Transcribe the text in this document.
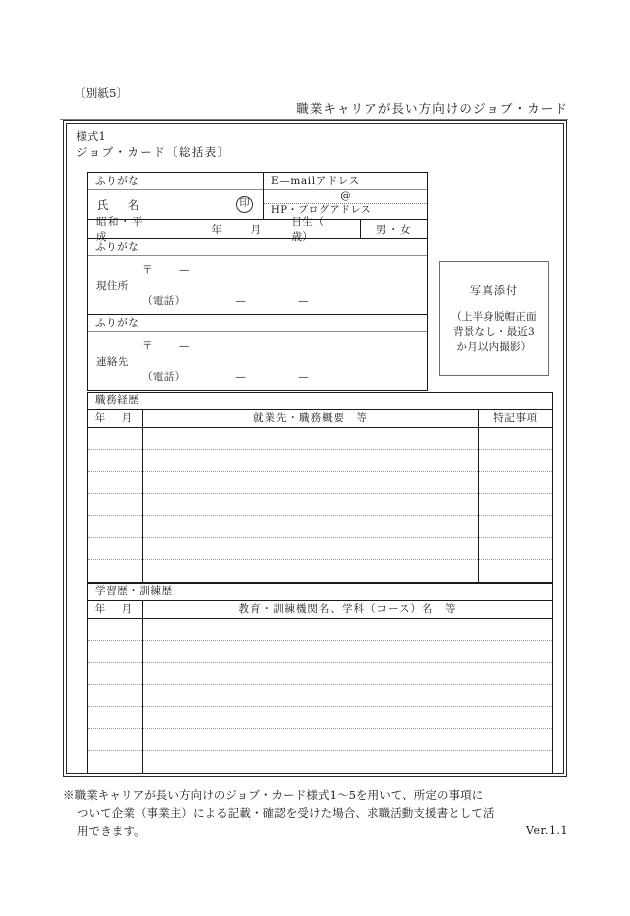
〔別紙5〕
職業キャリアが長い方向けのジョブ・カード
様式1
ジョブ・カード〔総括表〕
ふりがな
氏　名	印
E—mailアドレス
@
HP・ブログアドレス
昭和・平成
年	月
日生（　　歳）
男・女
ふりがな
現住所
〒 —
（電話）	—	—
ふりがな
連絡先
〒 —
（電話）	—	—
写真添付
（上半身脱帽正面
背景なし・最近3
か月以内撮影）
職務経歴
年　月	就業先・職務概要　等	特記事項
学習歴・訓練歴
年　月	教育・訓練機関名、学科（コース）名　等

※職業キャリアが長い方向けのジョブ・カード様式1～5を用いて、所定の事項に

ついて企業（事業主）による記載・確認を受けた場合、求職活動支援書として活

用できます。	Ver.1.1
